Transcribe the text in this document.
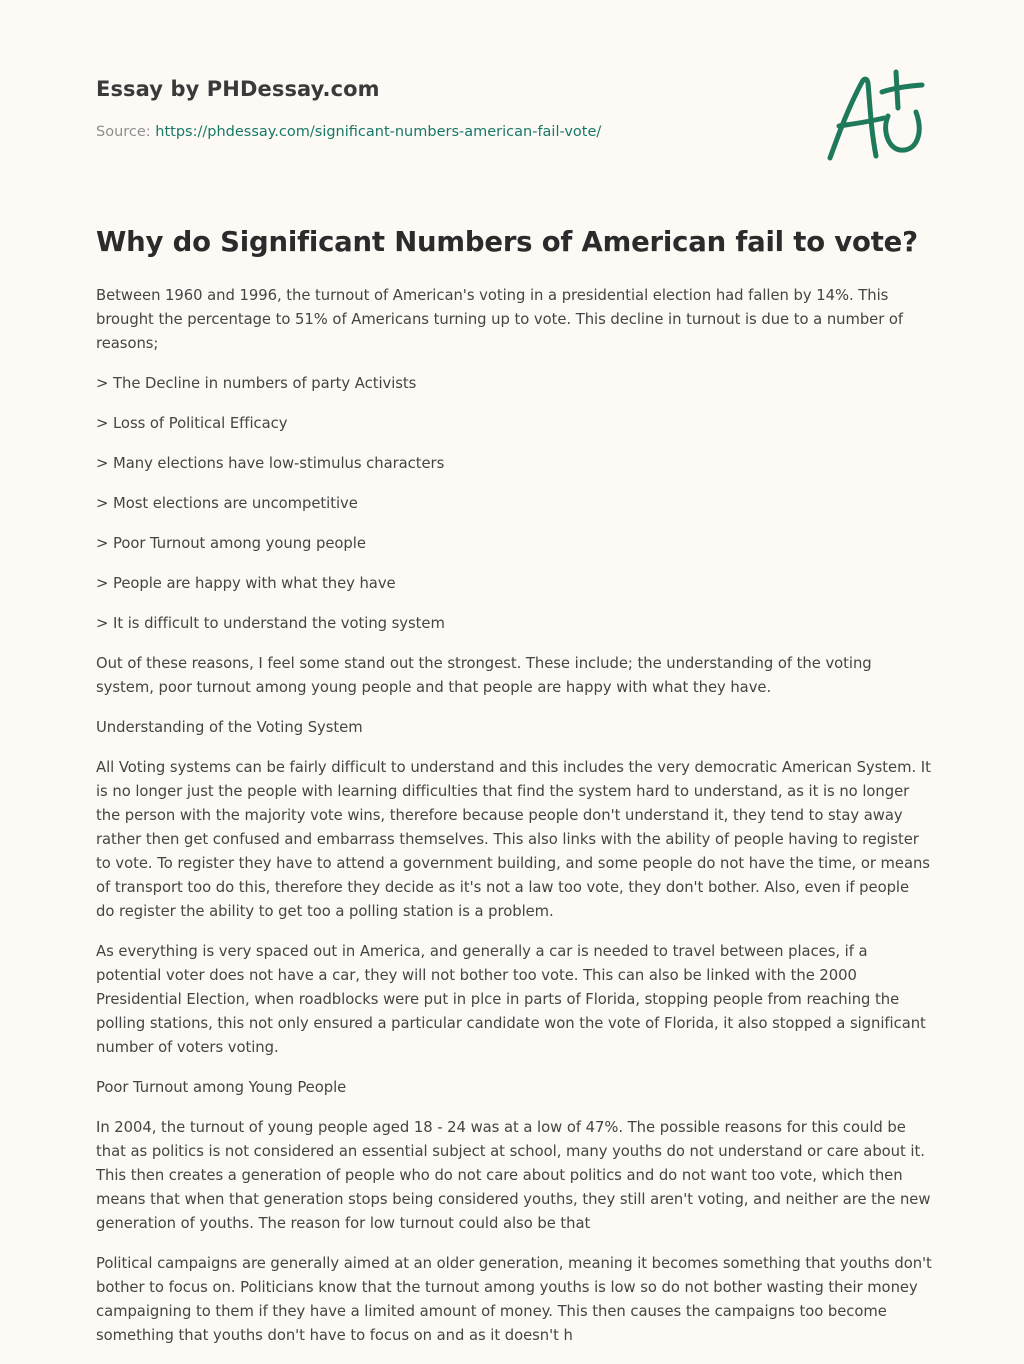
Essay by PHDessay.com
Source: https://phdessay.com/significant-numbers-american-fail-vote/
Why do Significant Numbers of American fail to vote?

Between 1960 and 1996, the turnout of American's voting in a presidential election had fallen by 14%. This brought the percentage to 51% of Americans turning up to vote. This decline in turnout is due to a number of reasons;

> The Decline in numbers of party Activists

> Loss of Political Efficacy

> Many elections have low-stimulus characters

> Most elections are uncompetitive

> Poor Turnout among young people

> People are happy with what they have

> It is difficult to understand the voting system

Out of these reasons, I feel some stand out the strongest. These include; the understanding of the voting system, poor turnout among young people and that people are happy with what they have.

Understanding of the Voting System

All Voting systems can be fairly difficult to understand and this includes the very democratic American System. It is no longer just the people with learning difficulties that find the system hard to understand, as it is no longer the person with the majority vote wins, therefore because people don't understand it, they tend to stay away rather then get confused and embarrass themselves. This also links with the ability of people having to register to vote. To register they have to attend a government building, and some people do not have the time, or means of transport too do this, therefore they decide as it's not a law too vote, they don't bother. Also, even if people do register the ability to get too a polling station is a problem.

As everything is very spaced out in America, and generally a car is needed to travel between places, if a potential voter does not have a car, they will not bother too vote. This can also be linked with the 2000 Presidential Election, when roadblocks were put in plce in parts of Florida, stopping people from reaching the polling stations, this not only ensured a particular candidate won the vote of Florida, it also stopped a significant number of voters voting.

Poor Turnout among Young People

In 2004, the turnout of young people aged 18 - 24 was at a low of 47%. The possible reasons for this could be that as politics is not considered an essential subject at school, many youths do not understand or care about it. This then creates a generation of people who do not care about politics and do not want too vote, which then means that when that generation stops being considered youths, they still aren't voting, and neither are the new generation of youths. The reason for low turnout could also be that

Political campaigns are generally aimed at an older generation, meaning it becomes something that youths don't bother to focus on. Politicians know that the turnout among youths is low so do not bother wasting their money campaigning to them if they have a limited amount of money. This then causes the campaigns too become something that youths don't have to focus on and as it doesn't h
